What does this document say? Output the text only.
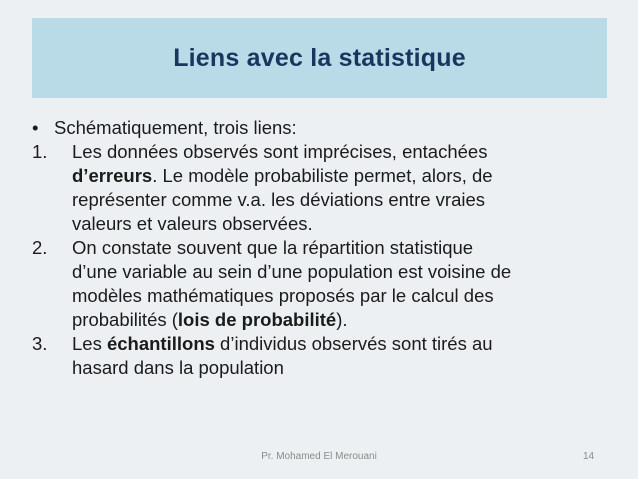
Liens avec la statistique
• Schématiquement, trois liens:
1.	Les données observés sont imprécises, entachées
d’erreurs. Le modèle probabiliste permet, alors, de
représenter comme v.a. les déviations entre vraies
valeurs et valeurs observées.
2.	On constate souvent que la répartition statistique
d’une variable au sein d’une population est voisine de
modèles mathématiques proposés par le calcul des
probabilités (lois de probabilité).
3.	Les échantillons d’individus observés sont tirés au
hasard dans la population
Pr. Mohamed El Merouani	14
